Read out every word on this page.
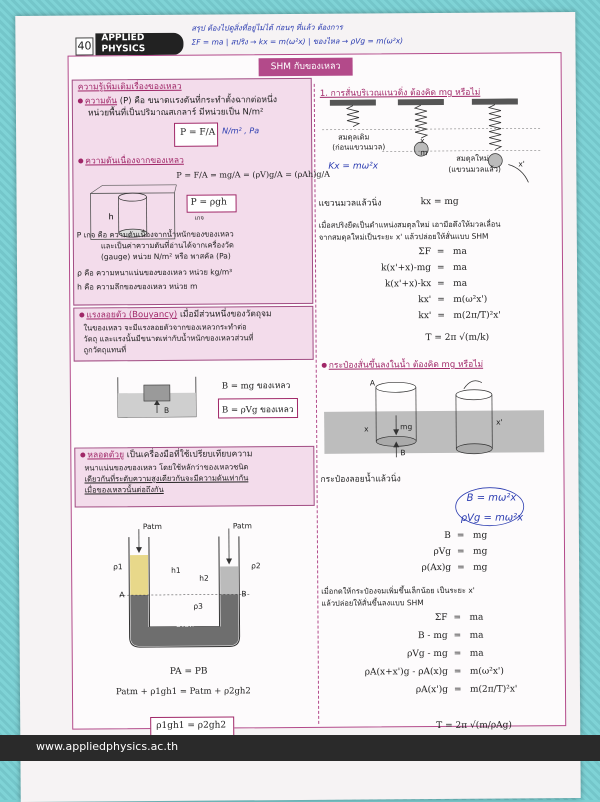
40
APPLIED
PHYSICS
สรุป ต้องไปดูสิ่งที่อยู่ไม่ได้ ก่อนๆ ที่แล้ว ต้องการ
ΣF = ma | สปริง → kx = m(ω²x) | ของไหล → ρVg = m(ω²x)
SHM กับของเหลว
ความรู้เพิ่มเติมเรื่องของเหลว
ความดัน (P) คือ ขนาดแรงดันที่กระทำตั้งฉากต่อหนึ่ง
หน่วยพื้นที่เป็นปริมาณสเกลาร์ มีหน่วยเป็น N/m²
P = F/A N/m² , Pa
ความดันเนื่องจากของเหลว
P = F/A = mg/A = (ρV)g/A = (ρAh)g/A
h
P = ρgh
เกจ
P เกจ คือ ความดันเนื่องจากน้ำหนักของของเหลว
และเป็นค่าความดันที่อ่านได้จากเครื่องวัด
(gauge) หน่วย N/m² หรือ พาสคัล (Pa)
ρ คือ ความหนาแน่นของของเหลว หน่วย kg/m³
h คือ ความลึกของของเหลว หน่วย m
แรงลอยตัว (Bouyancy) เมื่อมีส่วนหนึ่งของวัตถุจม
ในของเหลว จะมีแรงลอยตัวจากของเหลวกระทำต่อ
วัตถุ และแรงนั้นมีขนาดเท่ากับน้ำหนักของเหลวส่วนที่
ถูกวัตถุแทนที่
B
B = mg ของเหลว
B = ρVg ของเหลว
หลอดตัวยู เป็นเครื่องมือที่ใช้เปรียบเทียบความ
หนาแน่นของของเหลว โดยใช้หลักว่าของเหลวชนิด
เดียวกันที่ระดับความสูงเดียวกันจะมีความดันเท่ากัน
เมื่อของเหลวนั้นต่อถึงกัน
Patm	Patm
ρ1	ρ2
h1
h2
A	B
ρ3
ปรอท
PA = PB
Patm + ρ1gh1 = Patm + ρ2gh2
ρ1gh1 = ρ2gh2
1. การสั่นบริเวณแนวดิ่ง ต้องคิด mg หรือไม่
สมดุลเดิม
(ก่อนแขวนมวล)
สมดุลใหม่
(แขวนมวลแล้ว)
x
m
x'
Kx = mω²x
แขวนมวลแล้วนิ่ง	kx = mg
เมื่อสปริงยืดเป็นตำแหน่งสมดุลใหม่ เอามือดึงให้มวลเลื่อน
จากสมดุลใหม่เป็นระยะ x' แล้วปล่อยให้สั่นแบบ SHM
ΣF = ma
k(x'+x)-mg = ma
k(x'+x)-kx = ma
kx' = m(ω²x')
kx' = m(2π/T)²x'
T = 2π √(m/k)
กระป๋องสั่นขึ้นลงในน้ำ ต้องคิด mg หรือไม่
A
mg
B
x
x'
กระป๋องลอยน้ำแล้วนิ่ง
B = mω²x
ρVg = mω²x
B = mg
ρVg = mg
ρ(Ax)g = mg
เมื่อกดให้กระป๋องจมเพิ่มขึ้นเล็กน้อย เป็นระยะ x'
แล้วปล่อยให้สั่นขึ้นลงแบบ SHM
ΣF = ma
B - mg = ma
ρVg - mg = ma
ρA(x+x')g - ρA(x)g = m(ω²x')
ρA(x')g = m(2π/T)²x'
T = 2π √(m/ρAg)
www.appliedphysics.ac.th
